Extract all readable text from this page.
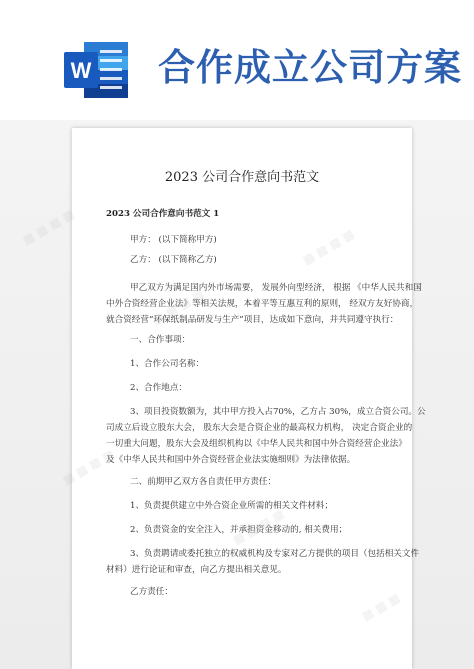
W 合作成立公司方案
2023 公司合作意向书范文
2023 公司合作意向书范文 1
甲方： (以下简称甲方)
乙方： (以下简称乙方)
甲乙双方为满足国内外市场需要， 发展外向型经济， 根据 《中华人民共和国
中外合资经营企业法》等相关法规，本着平等互惠互利的原则， 经双方友好协商，
就合资经营“环保纸制品研发与生产”项目，达成如下意向，并共同遵守执行：
一、合作事项：
1、合作公司名称：
2、合作地点：
3、项目投资数额为，其中甲方投入占70%，乙方占 30%，成立合资公司。公
司成立后设立股东大会， 股东大会是合资企业的最高权力机构， 决定合资企业的
一切重大问题，股东大会及组织机构以《中华人民共和国中外合资经营企业法》
及《中华人民共和国中外合资经营企业法实施细则》为法律依据。
二、前期甲乙双方各自责任甲方责任：
1、负责提供建立中外合资企业所需的相关文件材料；
2、负责资金的安全注入，并承担资金移动的, 相关费用；
3、负责聘请或委托独立的权威机构及专家对乙方提供的项目（包括相关文件
材料）进行论证和审查，向乙方提出相关意见。
乙方责任：
